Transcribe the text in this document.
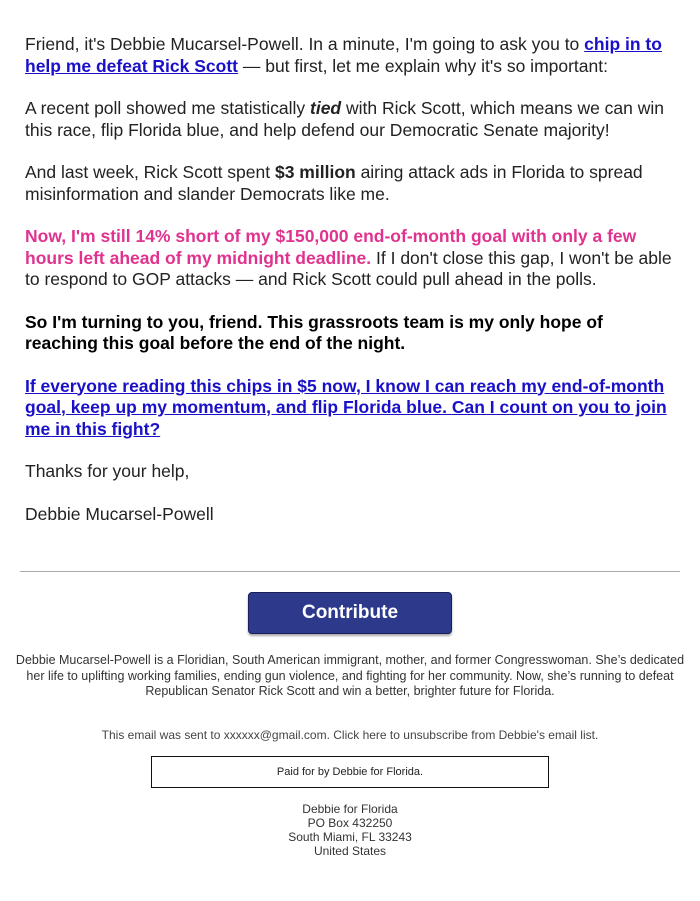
Friend, it's Debbie Mucarsel-Powell. In a minute, I'm going to ask you to chip in to help me defeat Rick Scott — but first, let me explain why it's so important:

A recent poll showed me statistically tied with Rick Scott, which means we can win this race, flip Florida blue, and help defend our Democratic Senate majority!

And last week, Rick Scott spent $3 million airing attack ads in Florida to spread misinformation and slander Democrats like me.

Now, I'm still 14% short of my $150,000 end-of-month goal with only a few hours left ahead of my midnight deadline. If I don't close this gap, I won't be able to respond to GOP attacks — and Rick Scott could pull ahead in the polls.

So I'm turning to you, friend. This grassroots team is my only hope of reaching this goal before the end of the night.

If everyone reading this chips in $5 now, I know I can reach my end-of-month goal, keep up my momentum, and flip Florida blue. Can I count on you to join me in this fight?

Thanks for your help,

Debbie Mucarsel-Powell

Contribute
Debbie Mucarsel-Powell is a Floridian, South American immigrant, mother, and former Congresswoman. She’s dedicated her life to uplifting working families, ending gun violence, and fighting for her community. Now, she’s running to defeat Republican Senator Rick Scott and win a better, brighter future for Florida.
This email was sent to xxxxxx@gmail.com. Click here to unsubscribe from Debbie's email list.
Paid for by Debbie for Florida.
Debbie for Florida
PO Box 432250
South Miami, FL 33243
United States
